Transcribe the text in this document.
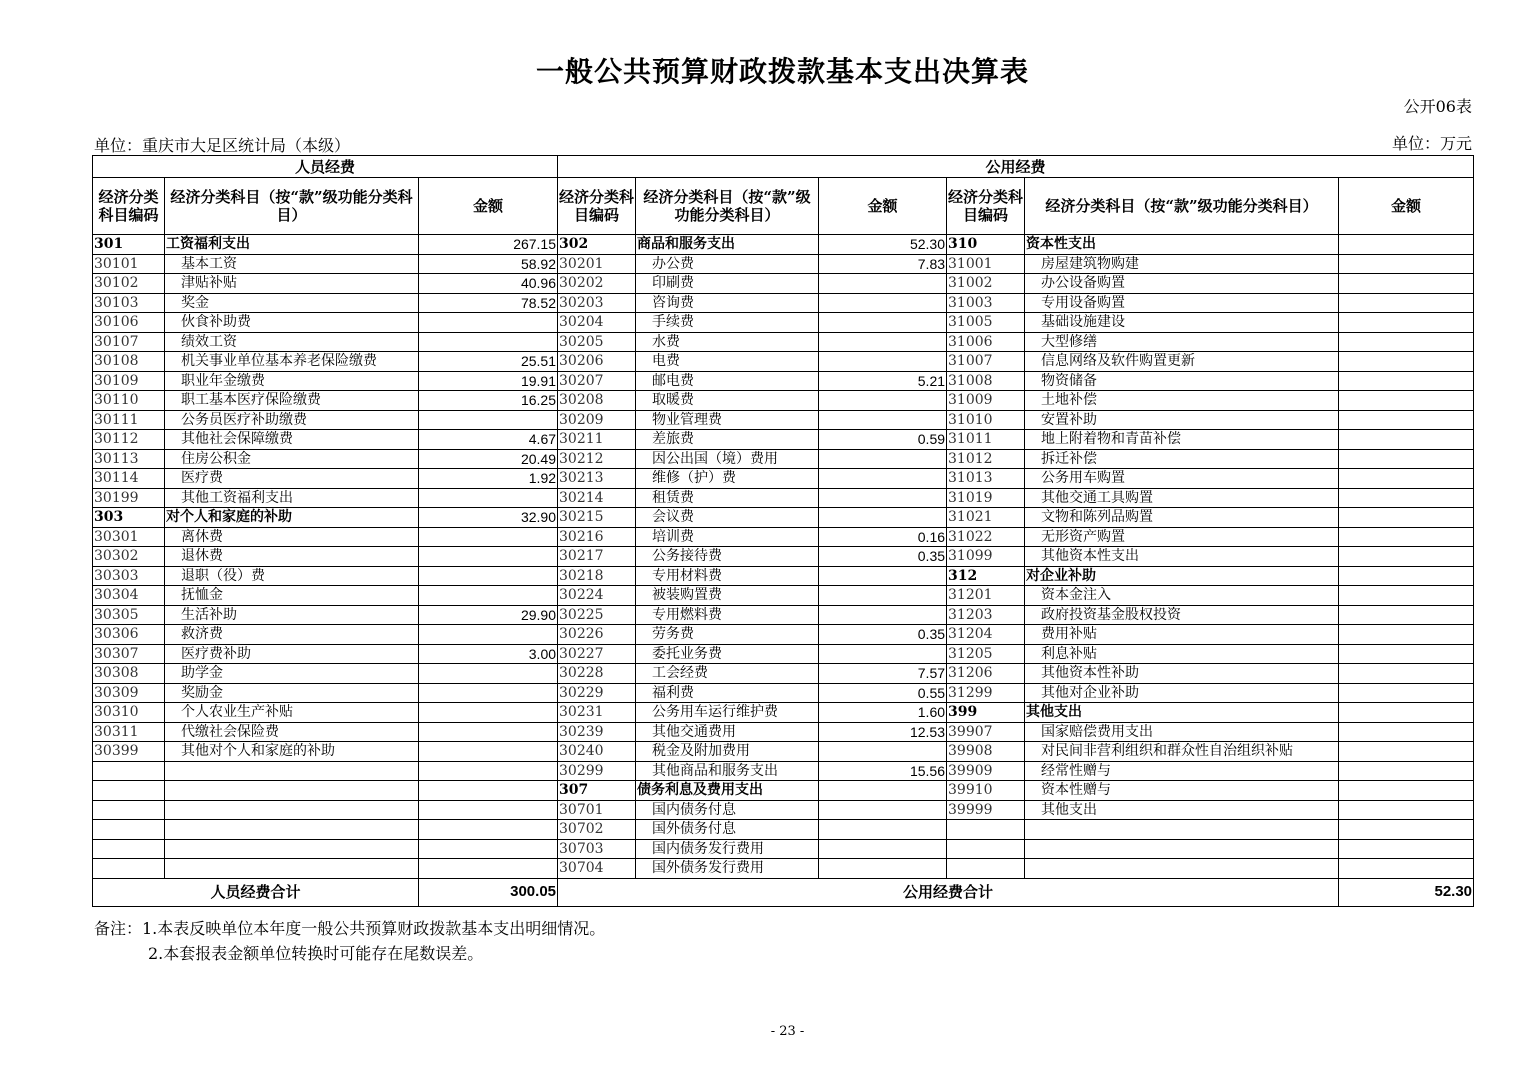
一般公共预算财政拨款基本支出决算表
公开06表
单位：重庆市大足区统计局（本级）	单位：万元
人员经费			公用经费					
经济分类科目编码	经济分类科目（按“款”级功能分类科目）	金额	经济分类科目编码	经济分类科目（按“款”级功能分类科目）	金额	经济分类科目编码	经济分类科目（按“款”级功能分类科目）	金额
301	工资福利支出	267.15	302	商品和服务支出	52.30	310	资本性支出	
30101	基本工资	58.92	30201	办公费	7.83	31001	房屋建筑物购建	
30102	津贴补贴	40.96	30202	印刷费		31002	办公设备购置	
30103	奖金	78.52	30203	咨询费		31003	专用设备购置	
30106	伙食补助费		30204	手续费		31005	基础设施建设	
30107	绩效工资		30205	水费		31006	大型修缮	
30108	机关事业单位基本养老保险缴费	25.51	30206	电费		31007	信息网络及软件购置更新	
30109	职业年金缴费	19.91	30207	邮电费	5.21	31008	物资储备	
30110	职工基本医疗保险缴费	16.25	30208	取暖费		31009	土地补偿	
30111	公务员医疗补助缴费		30209	物业管理费		31010	安置补助	
30112	其他社会保障缴费	4.67	30211	差旅费	0.59	31011	地上附着物和青苗补偿	
30113	住房公积金	20.49	30212	因公出国（境）费用		31012	拆迁补偿	
30114	医疗费	1.92	30213	维修（护）费		31013	公务用车购置	
30199	其他工资福利支出		30214	租赁费		31019	其他交通工具购置	
303	对个人和家庭的补助	32.90	30215	会议费		31021	文物和陈列品购置	
30301	离休费		30216	培训费	0.16	31022	无形资产购置	
30302	退休费		30217	公务接待费	0.35	31099	其他资本性支出	
30303	退职（役）费		30218	专用材料费		312	对企业补助	
30304	抚恤金		30224	被装购置费		31201	资本金注入	
30305	生活补助	29.90	30225	专用燃料费		31203	政府投资基金股权投资	
30306	救济费		30226	劳务费	0.35	31204	费用补贴	
30307	医疗费补助	3.00	30227	委托业务费		31205	利息补贴	
30308	助学金		30228	工会经费	7.57	31206	其他资本性补助	
30309	奖励金		30229	福利费	0.55	31299	其他对企业补助	
30310	个人农业生产补贴		30231	公务用车运行维护费	1.60	399	其他支出	
30311	代缴社会保险费		30239	其他交通费用	12.53	39907	国家赔偿费用支出	
30399	其他对个人和家庭的补助		30240	税金及附加费用		39908	对民间非营利组织和群众性自治组织补贴	
			30299	其他商品和服务支出	15.56	39909	经常性赠与	
			307	债务利息及费用支出		39910	资本性赠与	
			30701	国内债务付息		39999	其他支出	
			30702	国外债务付息				
			30703	国内债务发行费用				
			30704	国外债务发行费用				
人员经费合计		300.05	公用经费合计					52.30
备注：1.本表反映单位本年度一般公共预算财政拨款基本支出明细情况。
2.本套报表金额单位转换时可能存在尾数误差。
- 23 -
